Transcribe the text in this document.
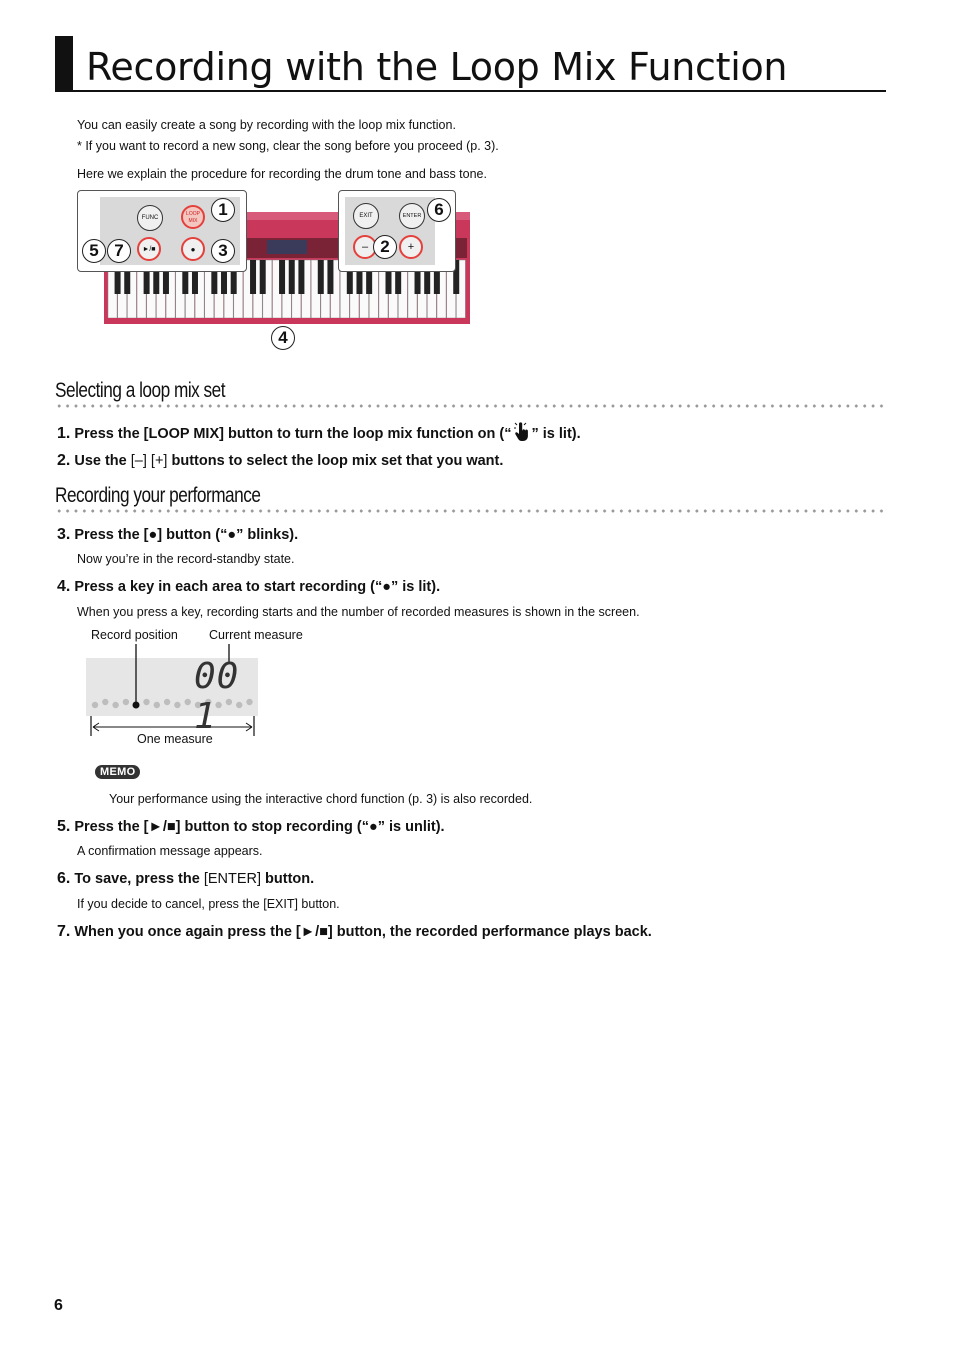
Recording with the Loop Mix Function
You can easily create a song by recording with the loop mix function.
* If you want to record a new song, clear the song before you proceed (p. 3).
Here we explain the procedure for recording the drum tone and bass tone.
FUNC
LOOP MIX
►/■	●
EXIT	ENTER
–	+
1
2
3
4
5 7
6
Selecting a loop mix set
1. Press the [LOOP MIX] button to turn the loop mix function on (“ ” is lit).
2. Use the [–] [+] buttons to select the loop mix set that you want.
Recording your performance
3. Press the [●] button (“●” blinks).
Now you’re in the record-standby state.
4. Press a key in each area to start recording (“●” is lit).
When you press a key, recording starts and the number of recorded measures is shown in the screen.
Record position Current measure
00 1
One measure
MEMO
Your performance using the interactive chord function (p. 3) is also recorded.
5. Press the [►/■] button to stop recording (“●” is unlit).
A confirmation message appears.
6. To save, press the [ENTER] button.
If you decide to cancel, press the [EXIT] button.
7. When you once again press the [►/■] button, the recorded performance plays back.
6
